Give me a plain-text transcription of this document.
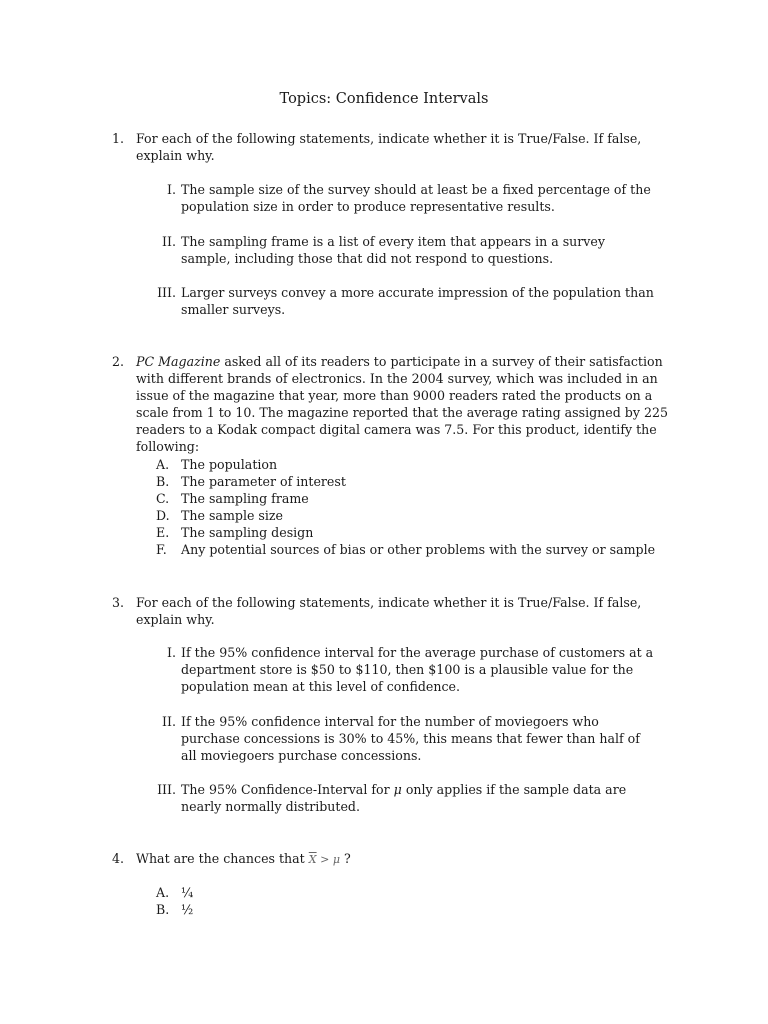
Topics: Confidence Intervals
1. For each of the following statements, indicate whether it is True/False. If false, explain why.
I. The sample size of the survey should at least be a fixed percentage of the population size in order to produce representative results.
II. The sampling frame is a list of every item that appears in a survey sample, including those that did not respond to questions.
III. Larger surveys convey a more accurate impression of the population than smaller surveys.
2. PC Magazine asked all of its readers to participate in a survey of their satisfaction with different brands of electronics. In the 2004 survey, which was included in an issue of the magazine that year, more than 9000 readers rated the products on a scale from 1 to 10. The magazine reported that the average rating assigned by 225 readers to a Kodak compact digital camera was 7.5. For this product, identify the following:
A. The population
B. The parameter of interest
C. The sampling frame
D. The sample size
E. The sampling design
F. Any potential sources of bias or other problems with the survey or sample
3. For each of the following statements, indicate whether it is True/False. If false, explain why.
I. If the 95% confidence interval for the average purchase of customers at a department store is $50 to $110, then $100 is a plausible value for the population mean at this level of confidence.
II. If the 95% confidence interval for the number of moviegoers who purchase concessions is 30% to 45%, this means that fewer than half of all moviegoers purchase concessions.
III. The 95% Confidence-Interval for μ only applies if the sample data are nearly normally distributed.
4. What are the chances that $\overline{X} > \mu$ ?
A. ¼
B. ½
